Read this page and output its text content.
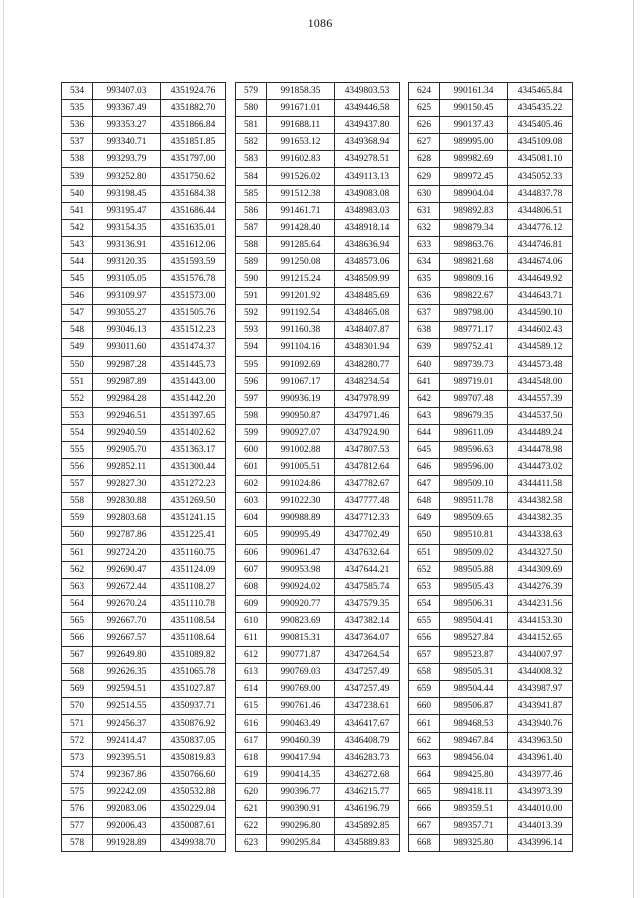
1086
534	993407.03	4351924.76
535	993367.49	4351882.70
536	993353.27	4351866.84
537	993340.71	4351851.85
538	993293.79	4351797.00
539	993252.80	4351750.62
540	993198.45	4351684.38
541	993195.47	4351686.44
542	993154.35	4351635.01
543	993136.91	4351612.06
544	993120.35	4351593.59
545	993105.05	4351576.78
546	993109.97	4351573.00
547	993055.27	4351505.76
548	993046.13	4351512.23
549	993011.60	4351474.37
550	992987.28	4351445.73
551	992987.89	4351443.00
552	992984.28	4351442.20
553	992946.51	4351397.65
554	992940.59	4351402.62
555	992905.70	4351363.17
556	992852.11	4351300.44
557	992827.30	4351272.23
558	992830.88	4351269.50
559	992803.68	4351241.15
560	992787.86	4351225.41
561	992724.20	4351160.75
562	992690.47	4351124.09
563	992672.44	4351108.27
564	992670.24	4351110.78
565	992667.70	4351108.54
566	992667.57	4351108.64
567	992649.80	4351089.82
568	992626.35	4351065.78
569	992594.51	4351027.87
570	992514.55	4350937.71
571	992456.37	4350876.92
572	992414.47	4350837.05
573	992395.51	4350819.83
574	992367.86	4350766.60
575	992242.09	4350532.88
576	992083.06	4350229.04
577	992006.43	4350087.61
578	991928.89	4349938.70
579	991858.35	4349803.53
580	991671.01	4349446.58
581	991688.11	4349437.80
582	991653.12	4349368.94
583	991602.83	4349278.51
584	991526.02	4349113.13
585	991512.38	4349083.08
586	991461.71	4348983.03
587	991428.40	4348918.14
588	991285.64	4348636.94
589	991250.08	4348573.06
590	991215.24	4348509.99
591	991201.92	4348485.69
592	991192.54	4348465.08
593	991160.38	4348407.87
594	991104.16	4348301.94
595	991092.69	4348280.77
596	991067.17	4348234.54
597	990936.19	4347978.99
598	990950.87	4347971.46
599	990927.07	4347924.90
600	991002.88	4347807.53
601	991005.51	4347812.64
602	991024.86	4347782.67
603	991022.30	4347777.48
604	990988.89	4347712.33
605	990995.49	4347702.49
606	990961.47	4347632.64
607	990953.98	4347644.21
608	990924.02	4347585.74
609	990920.77	4347579.35
610	990823.69	4347382.14
611	990815.31	4347364.07
612	990771.87	4347264.54
613	990769.03	4347257.49
614	990769.00	4347257.49
615	990761.46	4347238.61
616	990463.49	4346417.67
617	990460.39	4346408.79
618	990417.94	4346283.73
619	990414.35	4346272.68
620	990396.77	4346215.77
621	990390.91	4346196.79
622	990296.80	4345892.85
623	990295.84	4345889.83
624	990161.34	4345465.84
625	990150.45	4345435.22
626	990137.43	4345405.46
627	989995.00	4345109.08
628	989982.69	4345081.10
629	989972.45	4345052.33
630	989904.04	4344837.78
631	989892.83	4344806.51
632	989879.34	4344776.12
633	989863.76	4344746.81
634	989821.68	4344674.06
635	989809.16	4344649.92
636	989822.67	4344643.71
637	989798.00	4344590.10
638	989771.17	4344602.43
639	989752.41	4344589.12
640	989739.73	4344573.48
641	989719.01	4344548.00
642	989707.48	4344557.39
643	989679.35	4344537.50
644	989611.09	4344489.24
645	989596.63	4344478.98
646	989596.00	4344473.02
647	989509.10	4344411.58
648	989511.78	4344382.58
649	989509.65	4344382.35
650	989510.81	4344338.63
651	989509.02	4344327.50
652	989505.88	4344309.69
653	989505.43	4344276.39
654	989506.31	4344231.56
655	989504.41	4344153.30
656	989527.84	4344152.65
657	989523.87	4344007.97
658	989505.31	4344008.32
659	989504.44	4343987.97
660	989506.87	4343941.87
661	989468.53	4343940.76
662	989467.84	4343963.50
663	989456.04	4343961.40
664	989425.80	4343977.46
665	989418.11	4343973.39
666	989359.51	4344010.00
667	989357.71	4344013.39
668	989325.80	4343996.14
